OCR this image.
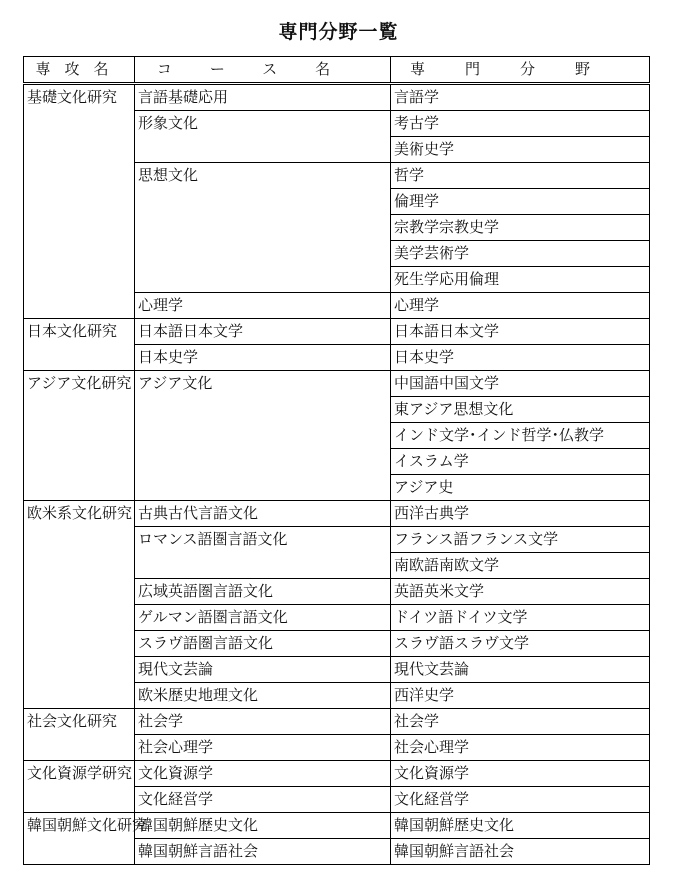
専門分野一覧
専攻名	コース名	専門分野
基礎文化研究	言語基礎応用	言語学
	形象文化	考古学
		美術史学
	思想文化	哲学
		倫理学
		宗教学宗教史学
		美学芸術学
		死生学応用倫理
	心理学	心理学
日本文化研究	日本語日本文学	日本語日本文学
	日本史学	日本史学
アジア文化研究	アジア文化	中国語中国文学
		東アジア思想文化
		インド文学･インド哲学･仏教学
		イスラム学
		アジア史
欧米系文化研究	古典古代言語文化	西洋古典学
	ロマンス語圏言語文化	フランス語フランス文学
		南欧語南欧文学
	広域英語圏言語文化	英語英米文学
	ゲルマン語圏言語文化	ドイツ語ドイツ文学
	スラヴ語圏言語文化	スラヴ語スラヴ文学
	現代文芸論	現代文芸論
	欧米歴史地理文化	西洋史学
社会文化研究	社会学	社会学
	社会心理学	社会心理学
文化資源学研究	文化資源学	文化資源学
	文化経営学	文化経営学
韓国朝鮮文化研究	韓国朝鮮歴史文化	韓国朝鮮歴史文化
	韓国朝鮮言語社会	韓国朝鮮言語社会
